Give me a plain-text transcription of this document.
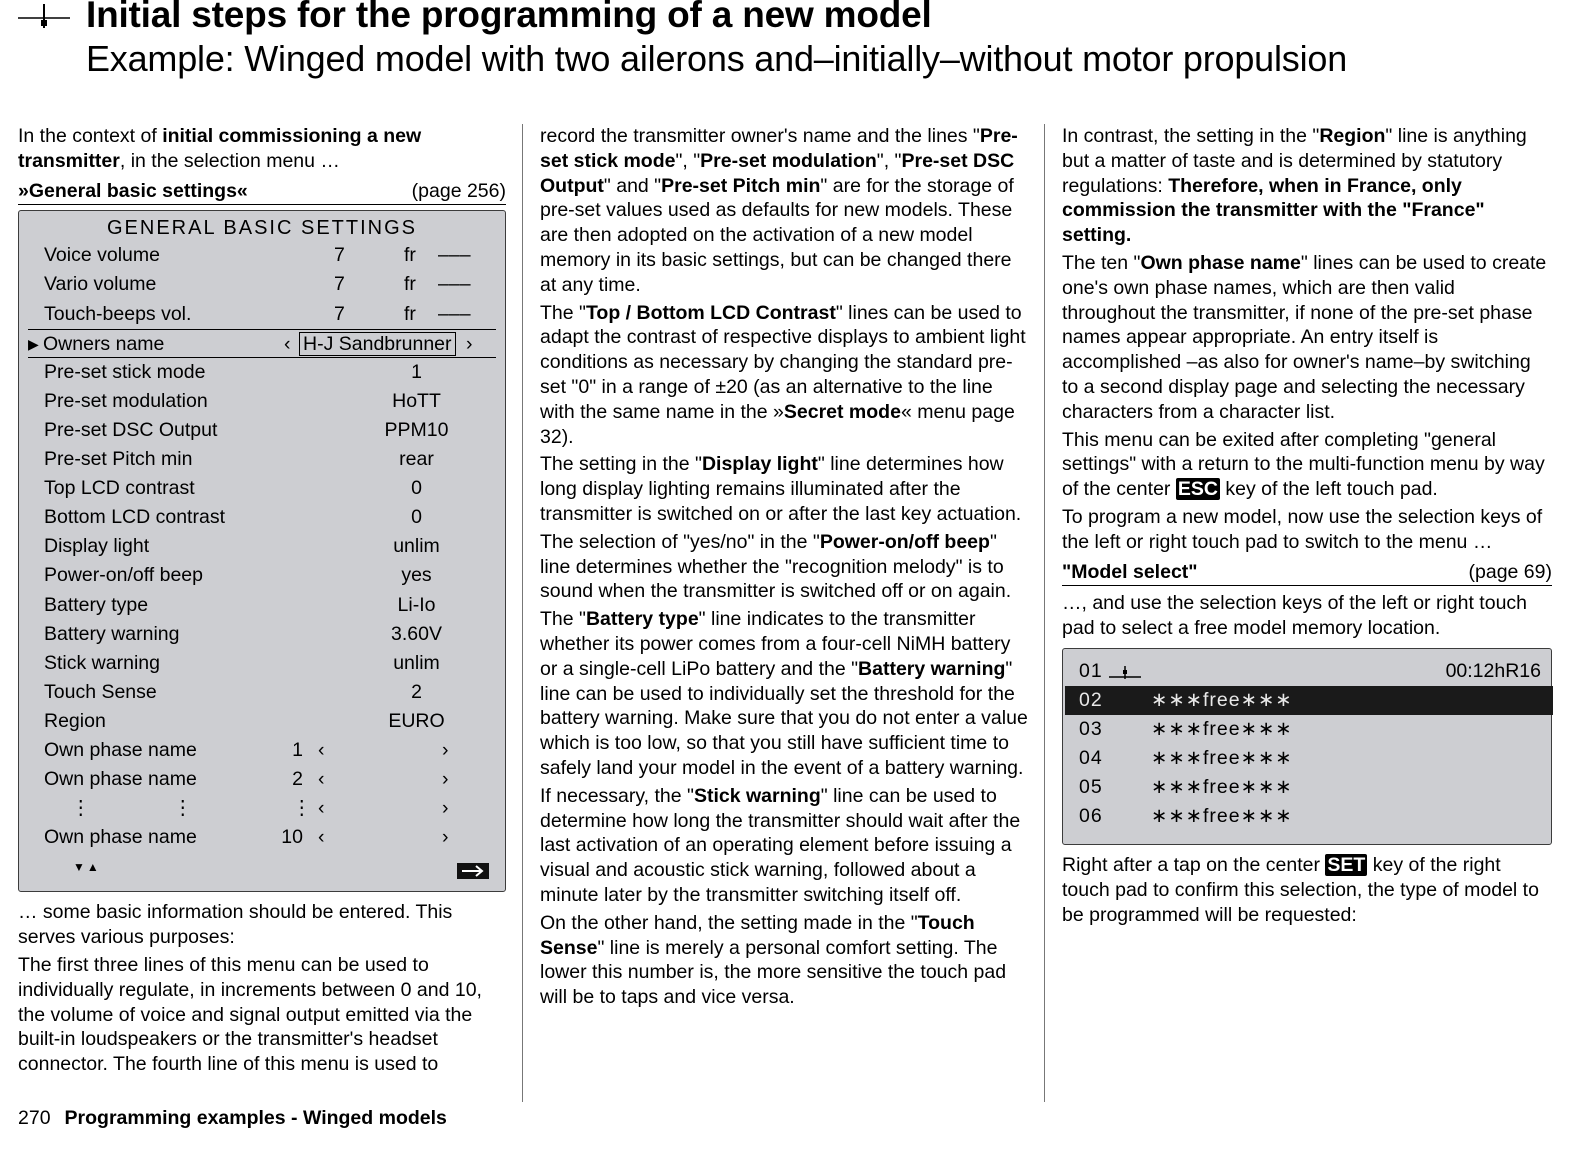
Initial steps for the programming of a new model
Example: Winged model with two ailerons and–initially–without motor propulsion

In the context of initial commissioning a new transmitter, in the selection menu …

»General basic settings«	(page 256)
GENERAL BASIC SETTINGS
Voice volume	7	fr –––
Vario volume	7	fr –––
Touch-beeps vol.	7	fr –––
▶ Owners name	‹ H-J Sandbrunner ›
Pre-set stick mode	1
Pre-set modulation	HoTT
Pre-set DSC Output	PPM10
Pre-set Pitch min	rear
Top LCD contrast	0
Bottom LCD contrast	0
Display light	unlim
Power-on/off beep	yes
Battery type	Li-Io
Battery warning	3.60V
Stick warning	unlim
Touch Sense	2
Region	EURO
Own phase name	1 ‹	›
Own phase name	2 ‹	›
⋮	⋮	⋮ ‹	›
Own phase name	10 ‹	›
▼▲

… some basic information should be entered. This serves various purposes:

The first three lines of this menu can be used to individually regulate, in increments between 0 and 10, the volume of voice and signal output emitted via the built-in loudspeakers or the transmitter's headset connector. The fourth line of this menu is used to

record the transmitter owner's name and the lines "Pre-set stick mode", "Pre-set modulation", "Pre-set DSC Output" and "Pre-set Pitch min" are for the storage of pre-set values used as defaults for new models. These are then adopted on the activation of a new model memory in its basic settings, but can be changed there at any time.

The "Top / Bottom LCD Contrast" lines can be used to adapt the contrast of respective displays to ambient light conditions as necessary by changing the standard pre-set "0" in a range of ±20 (as an alternative to the line with the same name in the »Secret mode« menu page 32).

The setting in the "Display light" line determines how long display lighting remains illuminated after the transmitter is switched on or after the last key actuation.

The selection of "yes/no" in the "Power-on/off beep" line determines whether the "recognition melody" is to sound when the transmitter is switched off or on again.

The "Battery type" line indicates to the transmitter whether its power comes from a four-cell NiMH battery or a single-cell LiPo battery and the "Battery warning" line can be used to individually set the threshold for the battery warning. Make sure that you do not enter a value which is too low, so that you still have sufficient time to safely land your model in the event of a battery warning.

If necessary, the "Stick warning" line can be used to determine how long the transmitter should wait after the last activation of an operating element before issuing a visual and acoustic stick warning, followed about a minute later by the transmitter switching itself off.

On the other hand, the setting made in the "Touch Sense" line is merely a personal comfort setting. The lower this number is, the more sensitive the touch pad will be to taps and vice versa.

In contrast, the setting in the "Region" line is anything but a matter of taste and is determined by statutory regulations: Therefore, when in France, only commission the transmitter with the "France" setting.

The ten "Own phase name" lines can be used to create one's own phase names, which are then valid throughout the transmitter, if none of the pre-set phase names appear appropriate. An entry itself is accomplished –as also for owner's name–by switching to a second display page and selecting the necessary characters from a character list.

This menu can be exited after completing "general settings" with a return to the multi-function menu by way of the center ESC key of the left touch pad.

To program a new model, now use the selection keys of the left or right touch pad to switch to the menu …

"Model select"	(page 69)

…, and use the selection keys of the left or right touch pad to select a free model memory location.

01	00:12hR16
02 ∗∗∗free∗∗∗
03 ∗∗∗free∗∗∗
04 ∗∗∗free∗∗∗
05 ∗∗∗free∗∗∗
06 ∗∗∗free∗∗∗

Right after a tap on the center SET key of the right touch pad to confirm this selection, the type of model to be programmed will be requested:

270 Programming examples - Winged models
